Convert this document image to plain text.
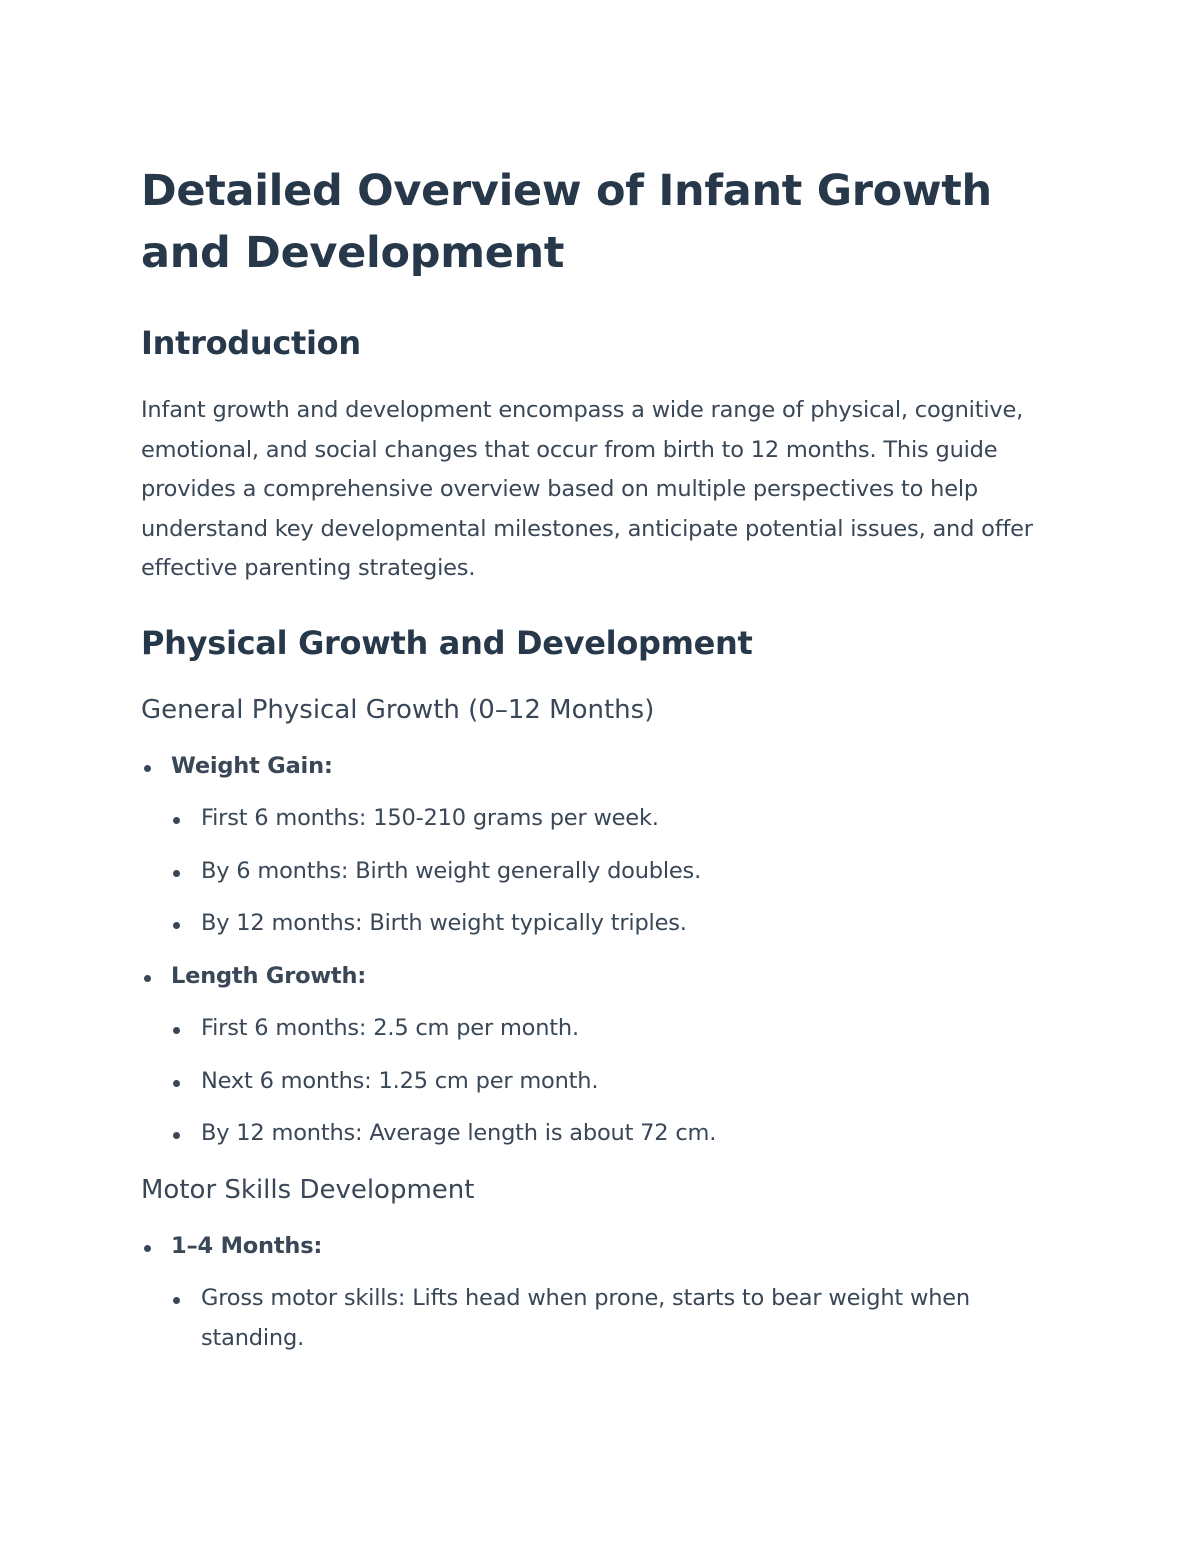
Detailed Overview of Infant Growth and Development
Introduction

Infant growth and development encompass a wide range of physical, cognitive, emotional, and social changes that occur from birth to 12 months. This guide provides a comprehensive overview based on multiple perspectives to help understand key developmental milestones, anticipate potential issues, and offer effective parenting strategies.

Physical Growth and Development
General Physical Growth (0–12 Months)
Weight Gain:
First 6 months: 150-210 grams per week.
By 6 months: Birth weight generally doubles.
By 12 months: Birth weight typically triples.
Length Growth:
First 6 months: 2.5 cm per month.
Next 6 months: 1.25 cm per month.
By 12 months: Average length is about 72 cm.
Motor Skills Development
1–4 Months:
Gross motor skills: Lifts head when prone, starts to bear weight when standing.
